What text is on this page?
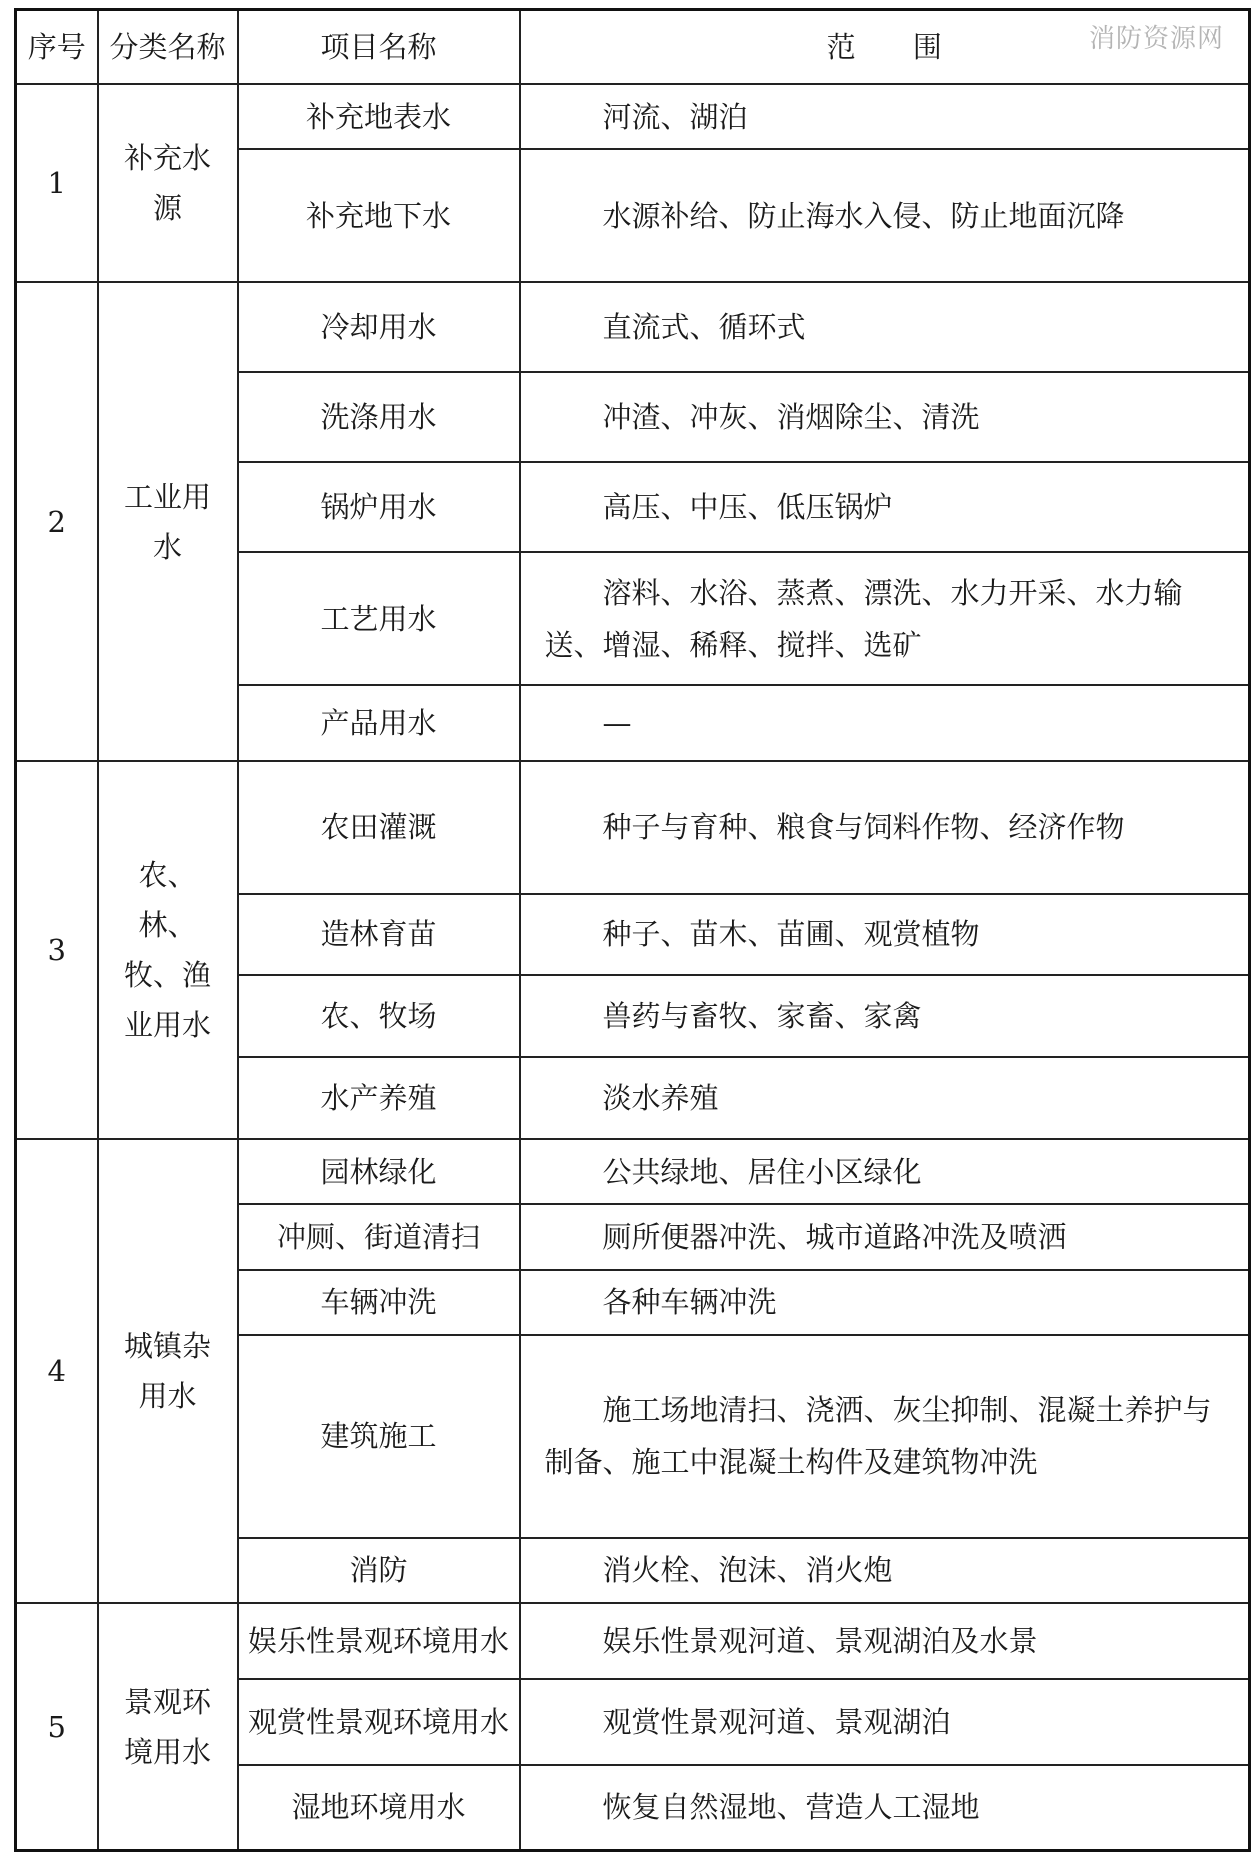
消防资源网
序号	分类名称	项目名称	范 围
1	补充水源	补充地表水	河流、湖泊

		补充地下水	水源补给、防止海水入侵、防止地面沉降

2	工业用水	冷却用水	直流式、循环式

		洗涤用水	冲渣、冲灰、消烟除尘、清洗

		锅炉用水	高压、中压、低压锅炉

		工艺用水	溶料、水浴、蒸煮、漂洗、水力开采、水力输送、增湿、稀释、搅拌、选矿

		产品用水	—

3	农、林、牧、渔业用水	农田灌溉	种子与育种、粮食与饲料作物、经济作物

		造林育苗	种子、苗木、苗圃、观赏植物

		农、牧场	兽药与畜牧、家畜、家禽

		水产养殖	淡水养殖

4	城镇杂用水	园林绿化	公共绿地、居住小区绿化

		冲厕、街道清扫	厕所便器冲洗、城市道路冲洗及喷洒

		车辆冲洗	各种车辆冲洗

		建筑施工	施工场地清扫、浇洒、灰尘抑制、混凝土养护与制备、施工中混凝土构件及建筑物冲洗

		消防	消火栓、泡沫、消火炮

5	景观环境用水	娱乐性景观环境用水	娱乐性景观河道、景观湖泊及水景

		观赏性景观环境用水	观赏性景观河道、景观湖泊

		湿地环境用水	恢复自然湿地、营造人工湿地
